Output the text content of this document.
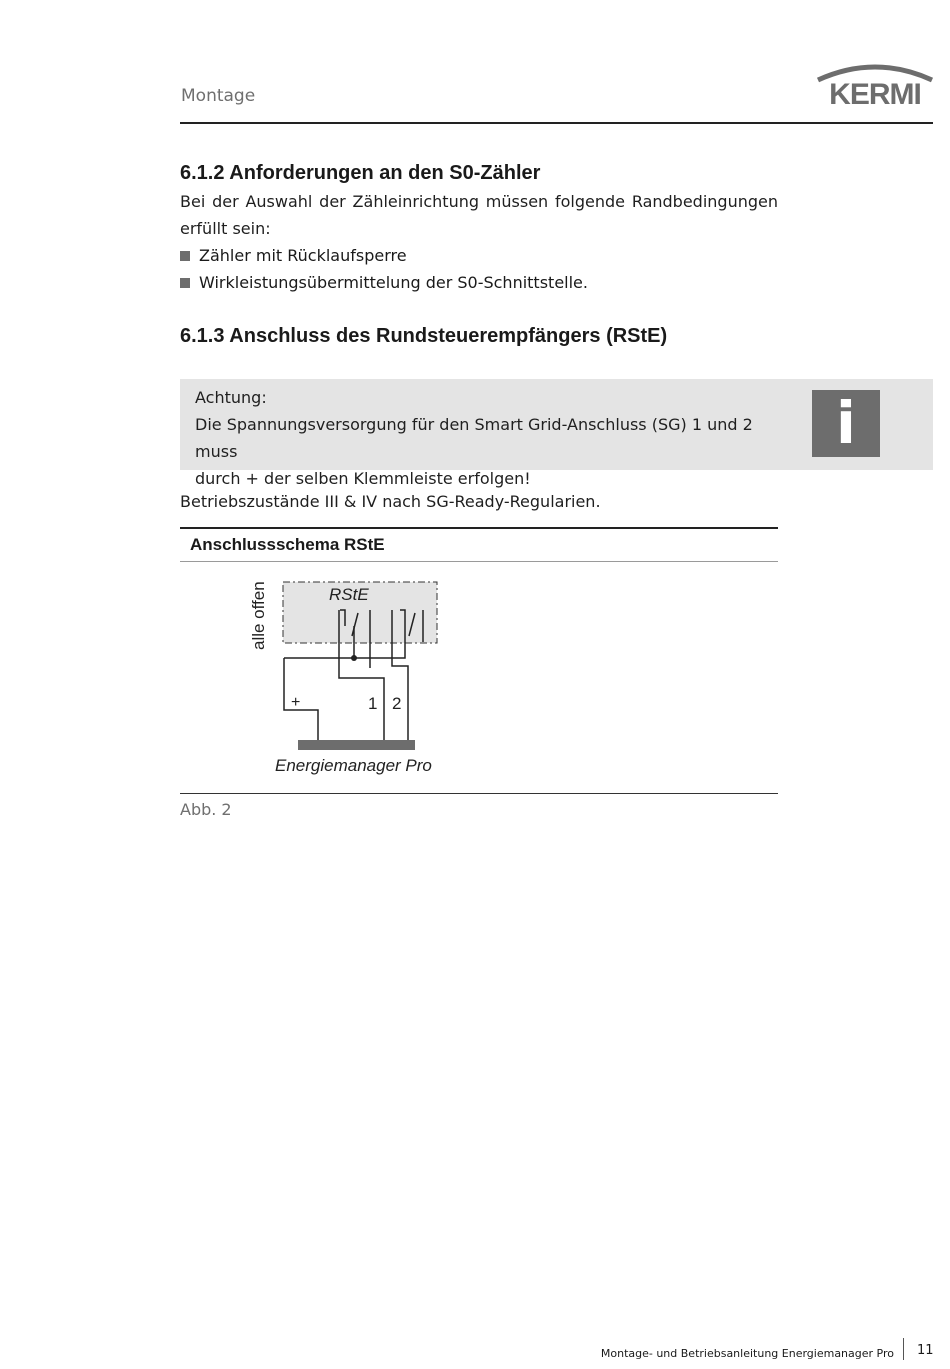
Montage	KERMI
6.1.2 Anforderungen an den S0-Zähler
Bei der Auswahl der Zähleinrichtung müssen folgende Randbedingungen erfüllt sein:
Zähler mit Rücklaufsperre
Wirkleistungsübermittelung der S0-Schnittstelle.
6.1.3 Anschluss des Rundsteuerempfängers (RStE)
Achtung:
Die Spannungsversorgung für den Smart Grid-Anschluss (SG) 1 und 2 muss
durch + der selben Klemmleiste erfolgen!
i
Betriebszustände III & IV nach SG-Ready-Regularien.
Anschlussschema RStE
RStE
alle offen
+	1 2
Energiemanager Pro
Abb. 2
Montage- und Betriebsanleitung Energiemanager Pro 11
